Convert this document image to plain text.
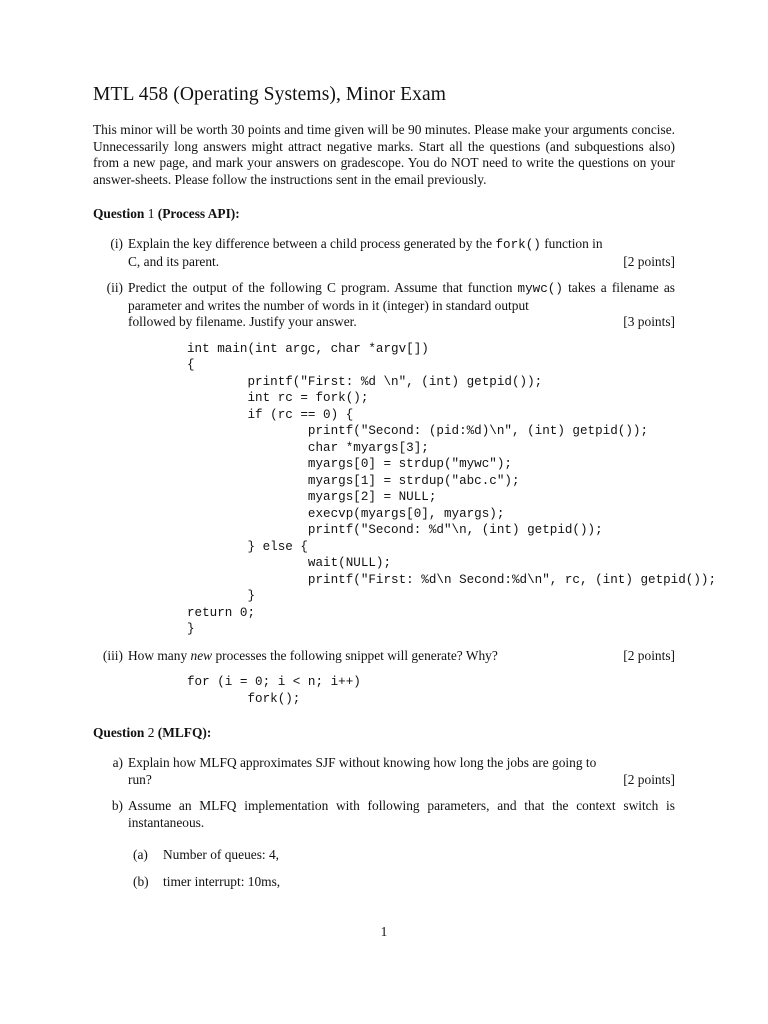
MTL 458 (Operating Systems), Minor Exam

This minor will be worth 30 points and time given will be 90 minutes. Please make your arguments concise. Unnecessarily long answers might attract negative marks. Start all the questions (and subquestions also) from a new page, and mark your answers on gradescope. You do NOT need to write the questions on your answer-sheets. Please follow the instructions sent in the email previously.

Question 1 (Process API):
(i) Explain the key difference between a child process generated by the fork() function in
C, and its parent.	[2 points]
(ii) Predict the output of the following C program. Assume that function mywc() takes a filename as parameter and writes the number of words in it (integer) in standard output
followed by filename. Justify your answer.	[3 points]
int main(int argc, char *argv[])
{
printf("First: %d \n", (int) getpid());
int rc = fork();
if (rc == 0) {
printf("Second: (pid:%d)\n", (int) getpid());
char *myargs[3];
myargs[0] = strdup("mywc");
myargs[1] = strdup("abc.c");
myargs[2] = NULL;
execvp(myargs[0], myargs);
printf("Second: %d"\n, (int) getpid());
} else {
wait(NULL);
printf("First: %d\n Second:%d\n", rc, (int) getpid());
}
return 0;
}
(iii) How many new processes the following snippet will generate? Why?	[2 points]
for (i = 0; i < n; i++)
fork();
Question 2 (MLFQ):
a) Explain how MLFQ approximates SJF without knowing how long the jobs are going to
run?	[2 points]
b) Assume an MLFQ implementation with following parameters, and that the context switch is instantaneous.
(a) Number of queues: 4,
(b) timer interrupt: 10ms,
1
